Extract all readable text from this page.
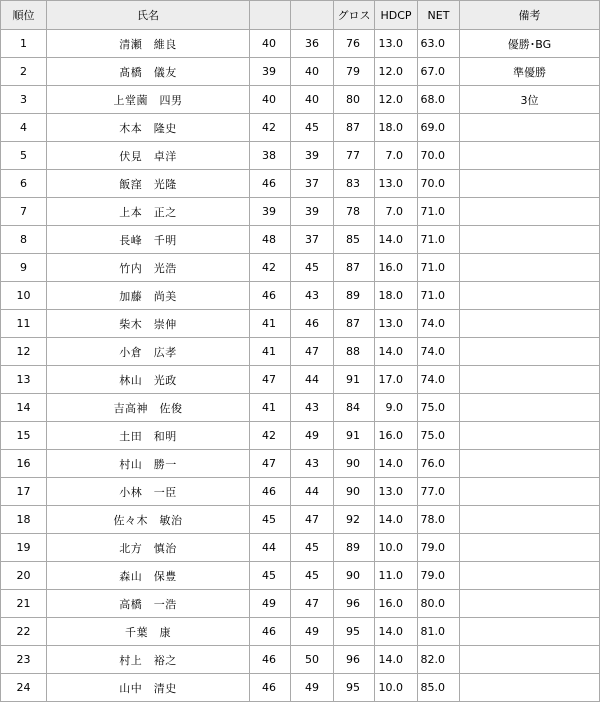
順位	氏名			グロス	HDCP	NET	備考
1	清瀬　維良	40	36	76	13.0	63.0	優勝･BG
2	髙橋　儀友	39	40	79	12.0	67.0	準優勝
3	上堂薗　四男	40	40	80	12.0	68.0	3位
4	木本　隆史	42	45	87	18.0	69.0	
5	伏見　卓洋	38	39	77	7.0	70.0	
6	飯窪　光隆	46	37	83	13.0	70.0	
7	上本　正之	39	39	78	7.0	71.0	
8	長峰　千明	48	37	85	14.0	71.0	
9	竹内　光浩	42	45	87	16.0	71.0	
10	加藤　尚美	46	43	89	18.0	71.0	
11	柴木　崇伸	41	46	87	13.0	74.0	
12	小倉　広孝	41	47	88	14.0	74.0	
13	林山　光政	47	44	91	17.0	74.0	
14	吉高神　佐俊	41	43	84	9.0	75.0	
15	土田　和明	42	49	91	16.0	75.0	
16	村山　勝一	47	43	90	14.0	76.0	
17	小林　一臣	46	44	90	13.0	77.0	
18	佐々木　敏治	45	47	92	14.0	78.0	
19	北方　慎治	44	45	89	10.0	79.0	
20	森山　保豊	45	45	90	11.0	79.0	
21	高橋　一浩	49	47	96	16.0	80.0	
22	千葉　康	46	49	95	14.0	81.0	
23	村上　裕之	46	50	96	14.0	82.0	
24	山中　清史	46	49	95	10.0	85.0	
